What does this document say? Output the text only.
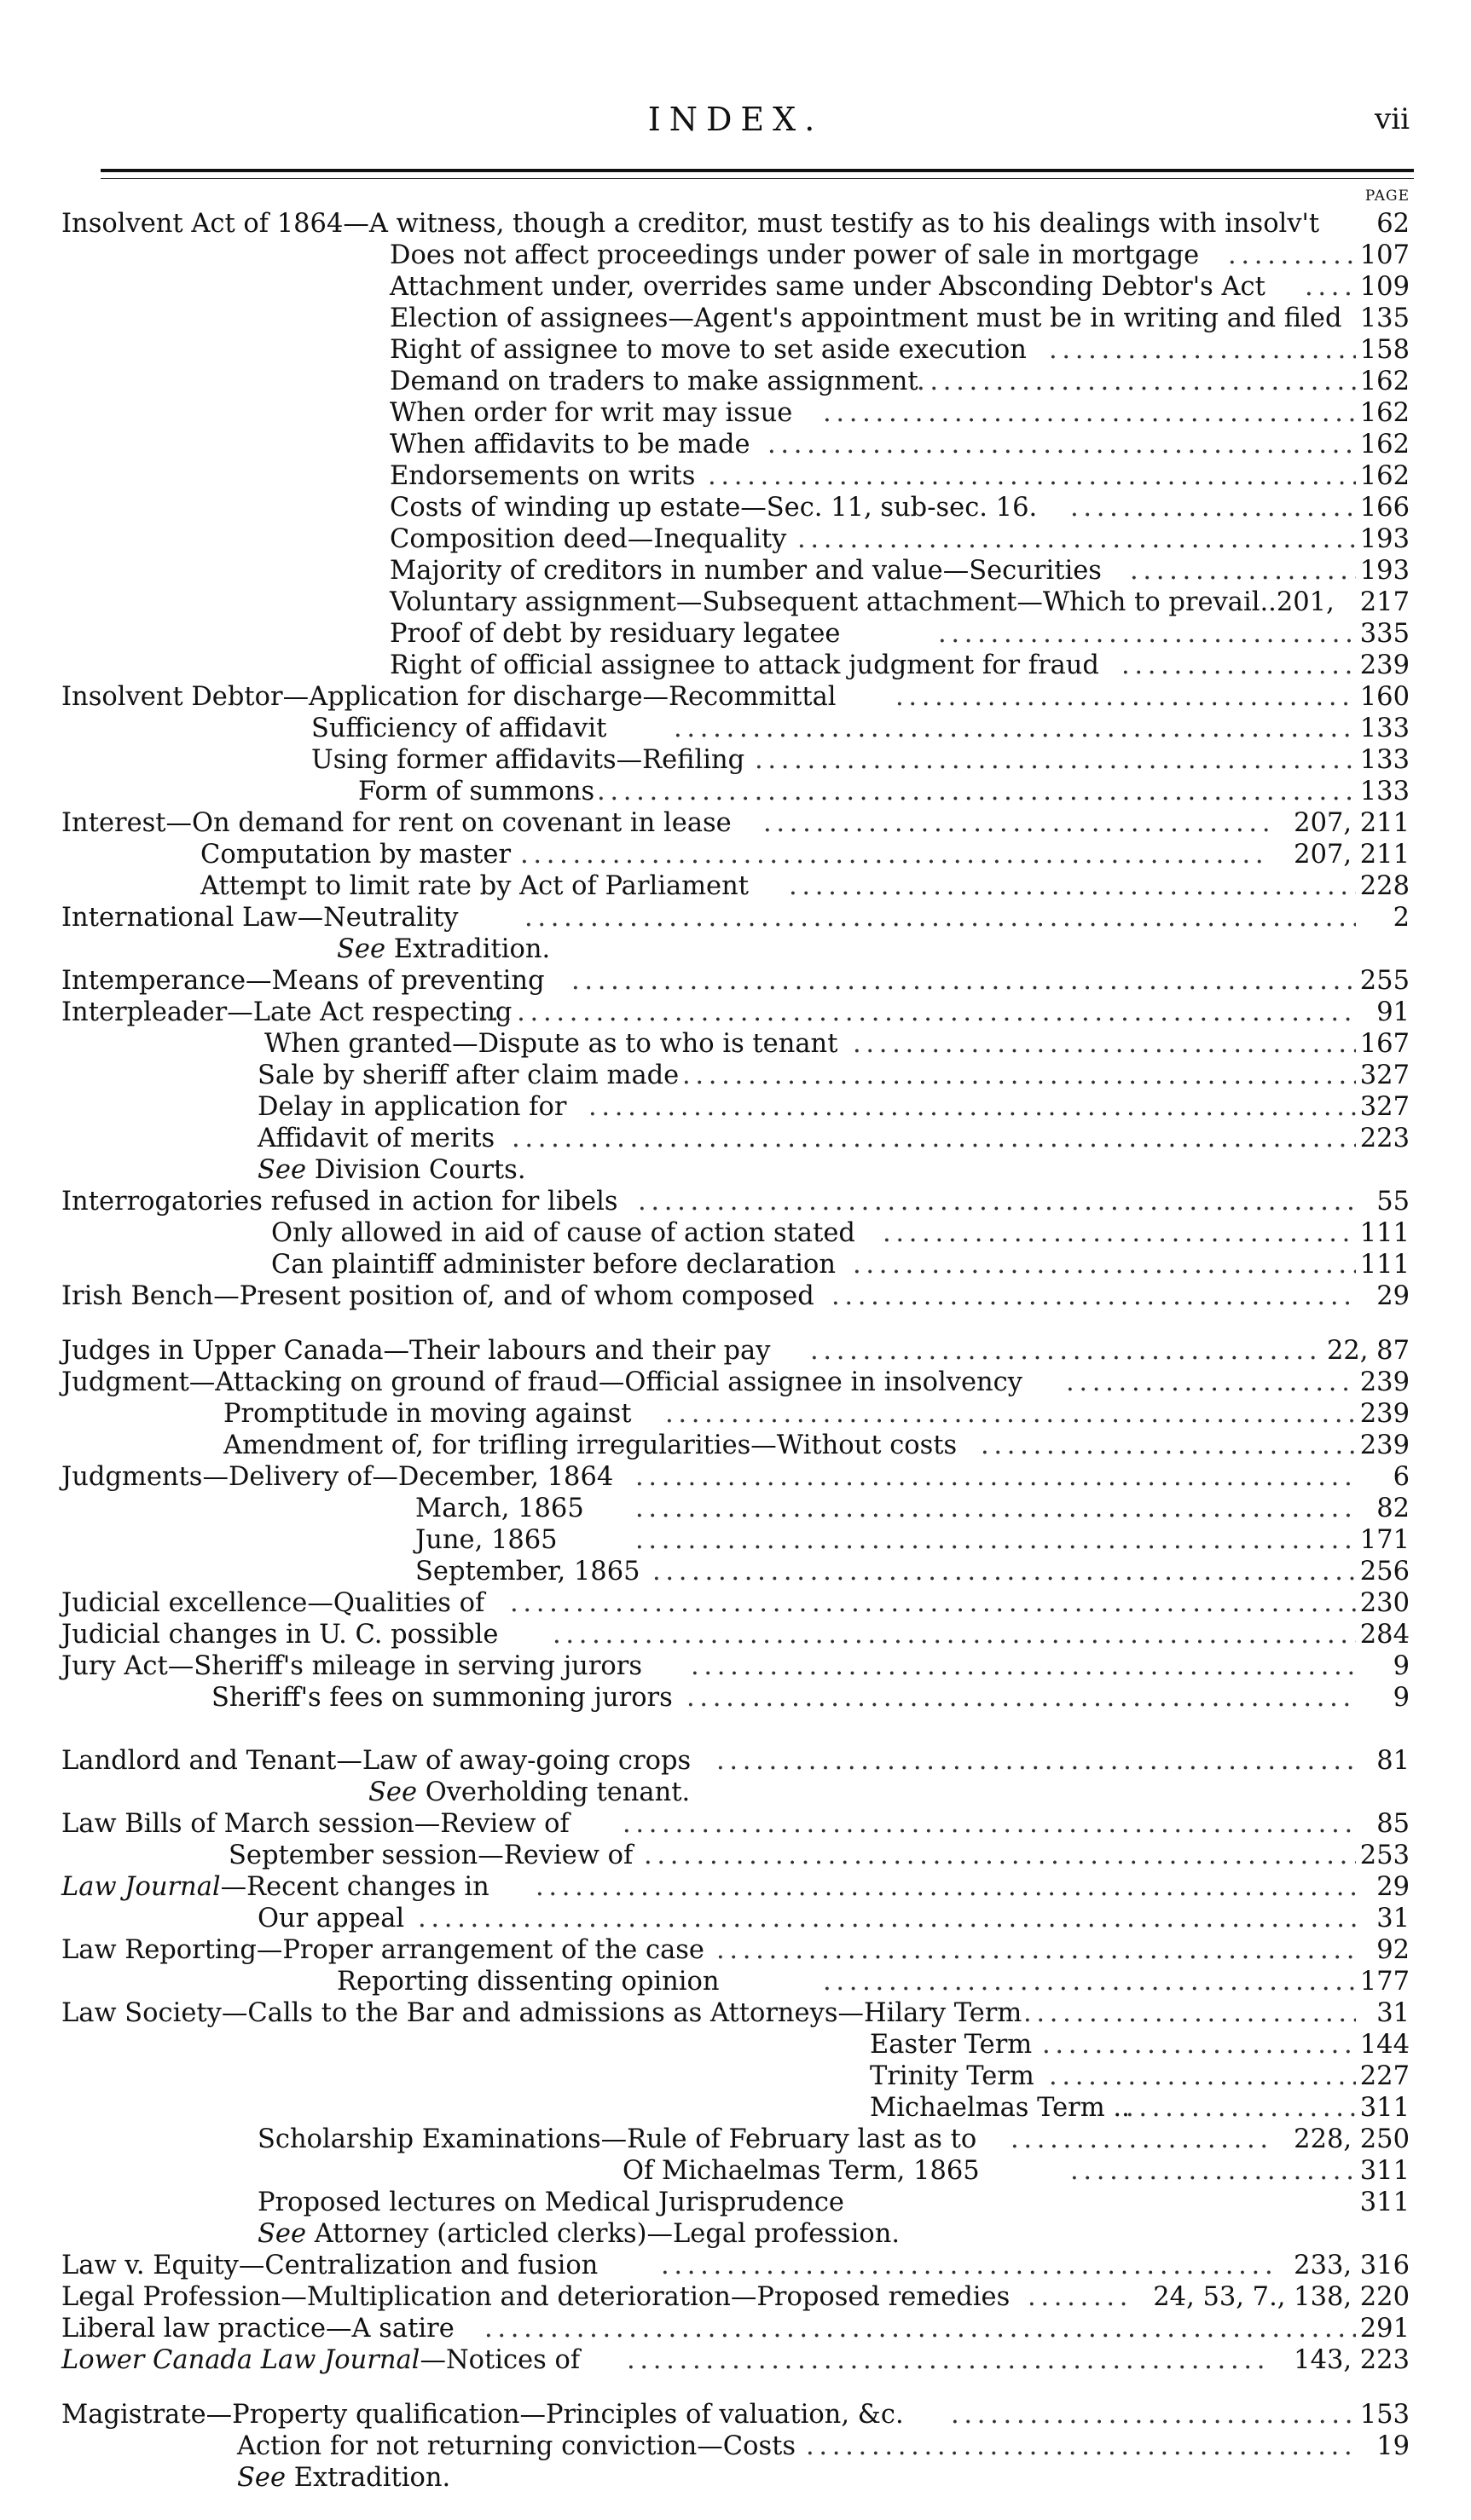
INDEX.	vii
PAGE
Insolvent Act of 1864—A witness, though a creditor, must testify as to his dealings with insolv't 62
Does not affect proceedings under power of sale in mortgage . . .	107
Attachment under, overrides same under Absconding Debtor's Act . . .	109
Election of assignees—Agent's appointment must be in writing and filed 135
Right of assignee to move to set aside execution . . .	158
Demand on traders to make assignment . . .	162
When order for writ may issue . . .	162
When affidavits to be made . . .	162
Endorsements on writs . . .	162
Costs of winding up estate—Sec. 11, sub-sec. 16. . . .	166
Composition deed—Inequality . . .	193
Majority of creditors in number and value—Securities . . .	193
Voluntary assignment—Subsequent attachment—Which to prevail..201, 217
Proof of debt by residuary legatee . . .	335
Right of official assignee to attack judgment for fraud . . .	239
Insolvent Debtor—Application for discharge—Recommittal . . .	160
Sufficiency of affidavit . . .	133
Using former affidavits—Refiling . . .	133
Form of summons . . .	133
Interest—On demand for rent on covenant in lease . . .	207, 211
Computation by master . . .	207, 211
Attempt to limit rate by Act of Parliament . . .	228
International Law—Neutrality . . .	2
See Extradition.
Intemperance—Means of preventing . . .	255
Interpleader—Late Act respecting . . .	91
When granted—Dispute as to who is tenant . . .	167
Sale by sheriff after claim made . . .	327
Delay in application for . . .	327
Affidavit of merits . . .	223
See Division Courts.
Interrogatories refused in action for libels . . .	55
Only allowed in aid of cause of action stated . . .	111
Can plaintiff administer before declaration . . .	111
Irish Bench—Present position of, and of whom composed . . .	29
Judges in Upper Canada—Their labours and their pay . . .	22, 87
Judgment—Attacking on ground of fraud—Official assignee in insolvency . . .	239
Promptitude in moving against . . .	239
Amendment of, for trifling irregularities—Without costs . . .	239
Judgments—Delivery of—December, 1864 . . .	6
March, 1865 . . .	82
June, 1865 . . .	171
September, 1865 . . .	256
Judicial excellence—Qualities of . . .	230
Judicial changes in U. C. possible . . .	284
Jury Act—Sheriff's mileage in serving jurors . . .	9
Sheriff's fees on summoning jurors . . .	9
Landlord and Tenant—Law of away-going crops . . .	81
See Overholding tenant.
Law Bills of March session—Review of . . .	85
September session—Review of . . .	253
Law Journal—Recent changes in . . .	29
Our appeal . . .	31
Law Reporting—Proper arrangement of the case . . .	92
Reporting dissenting opinion . . .	177
Law Society—Calls to the Bar and admissions as Attorneys—Hilary Term . . .	31
Easter Term . . .	144
Trinity Term . . .	227
Michaelmas Term .. . . .	311
Scholarship Examinations—Rule of February last as to . . .	228, 250
Of Michaelmas Term, 1865 . . .	311
Proposed lectures on Medical Jurisprudence	311
See Attorney (articled clerks)—Legal profession.
Law v. Equity—Centralization and fusion . . .	233, 316
Legal Profession—Multiplication and deterioration—Proposed remedies . . .	24, 53, 7., 138, 220
Liberal law practice—A satire . . .	291
Lower Canada Law Journal—Notices of . . .	143, 223
Magistrate—Property qualification—Principles of valuation, &c. . . .	153
Action for not returning conviction—Costs . . .	19
See Extradition.
